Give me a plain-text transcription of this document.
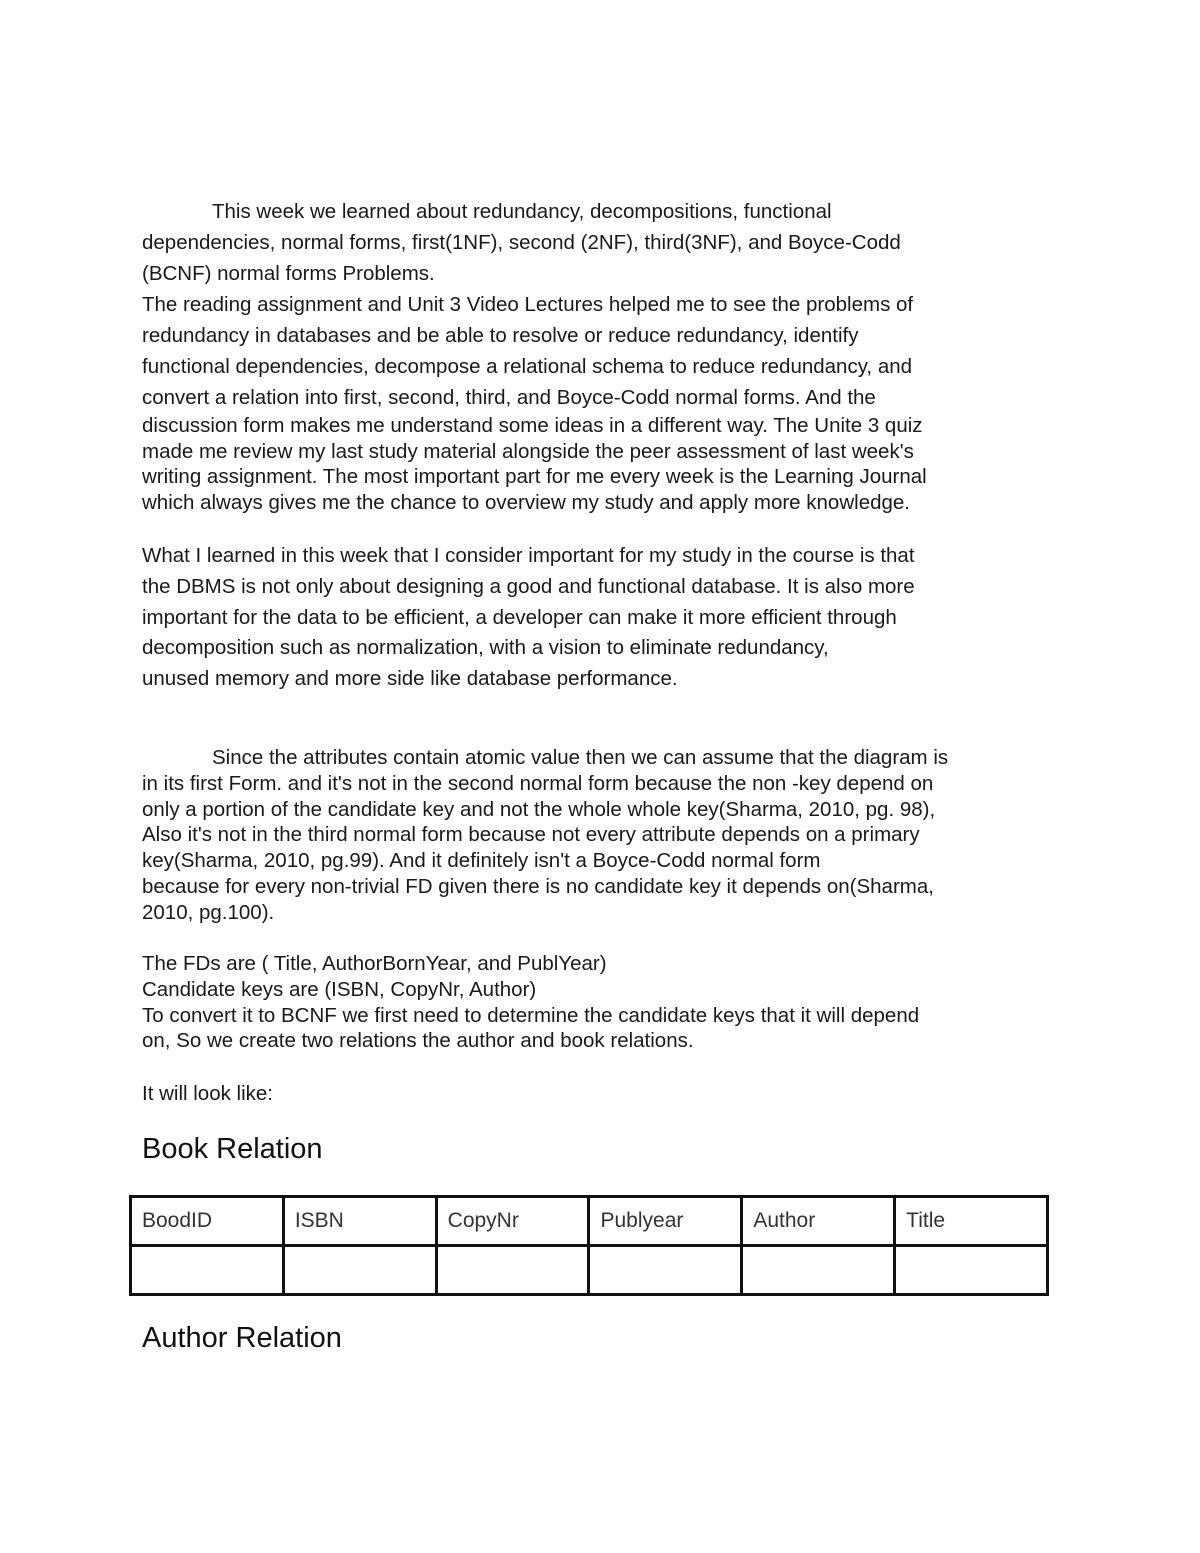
This week we learned about redundancy, decompositions, functional

dependencies, normal forms, first(1NF), second (2NF), third(3NF), and Boyce-Codd

(BCNF) normal forms Problems.

The reading assignment and Unit 3 Video Lectures helped me to see the problems of

redundancy in databases and be able to resolve or reduce redundancy, identify

functional dependencies, decompose a relational schema to reduce redundancy, and

convert a relation into first, second, third, and Boyce-Codd normal forms. And the

discussion form makes me understand some ideas in a different way. The Unite 3 quiz

made me review my last study material alongside the peer assessment of last week's

writing assignment. The most important part for me every week is the Learning Journal

which always gives me the chance to overview my study and apply more knowledge.

What I learned in this week that I consider important for my study in the course is that

the DBMS is not only about designing a good and functional database. It is also more

important for the data to be efficient, a developer can make it more efficient through

decomposition such as normalization, with a vision to eliminate redundancy,

unused memory and more side like database performance.

Since the attributes contain atomic value then we can assume that the diagram is

in its first Form. and it's not in the second normal form because the non -key depend on

only a portion of the candidate key and not the whole whole key(Sharma, 2010, pg. 98),

Also it's not in the third normal form because not every attribute depends on a primary

key(Sharma, 2010, pg.99). And it definitely isn't a Boyce-Codd normal form

because for every non-trivial FD given there is no candidate key it depends on(Sharma,

2010, pg.100).

The FDs are ( Title, AuthorBornYear, and PublYear)

Candidate keys are (ISBN, CopyNr, Author)

To convert it to BCNF we first need to determine the candidate keys that it will depend

on, So we create two relations the author and book relations.

It will look like:

Book Relation
BoodID	ISBN	CopyNr	Publyear	Author	Title

Author Relation
